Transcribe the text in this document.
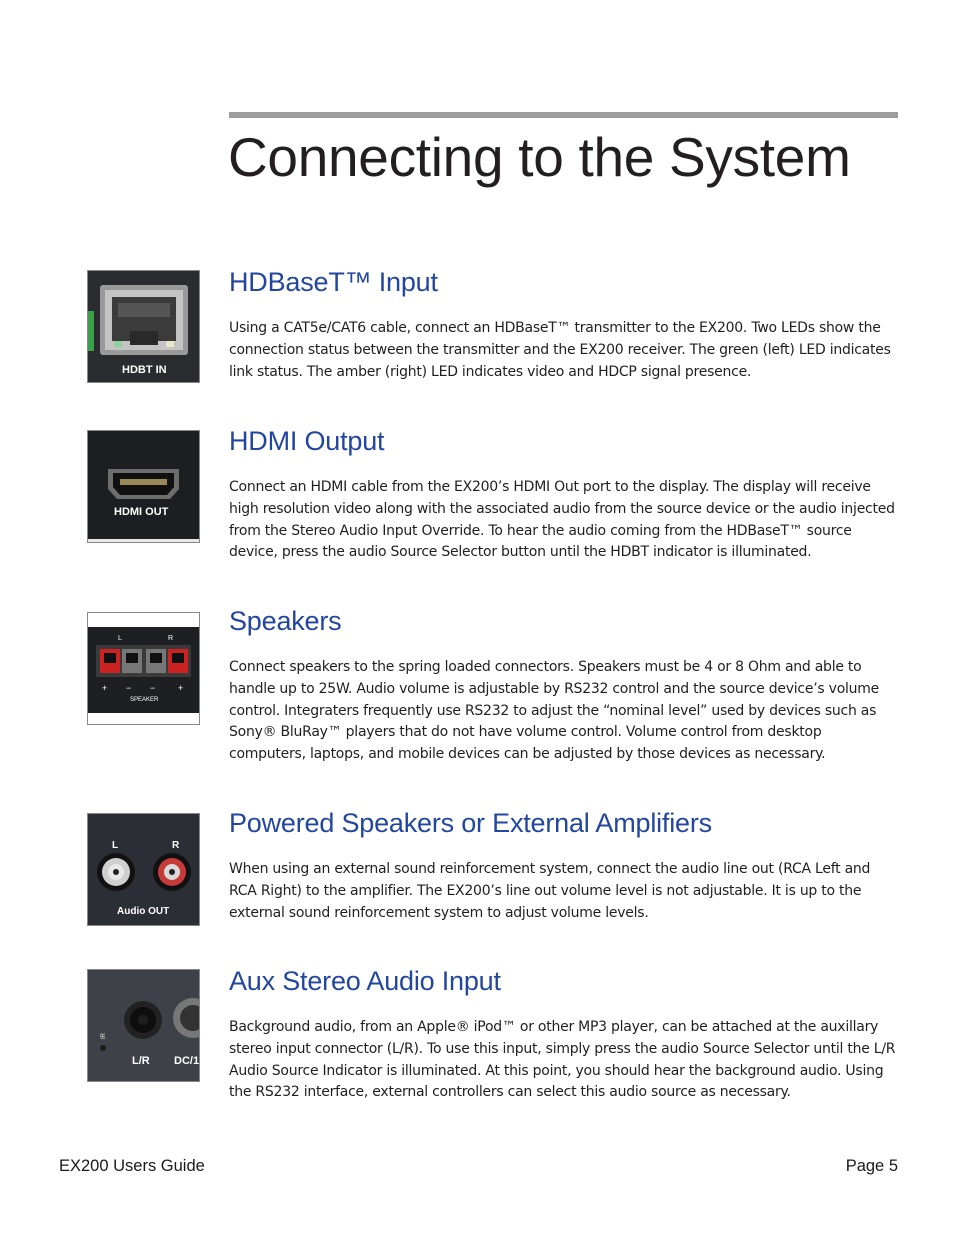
Connecting to the System
HDBT IN
HDBaseT™ Input

Using a CAT5e/CAT6 cable, connect an HDBaseT™ transmitter to the EX200. Two LEDs show the connection status between the transmitter and the EX200 receiver. The green (left) LED indicates link status. The amber (right) LED indicates video and HDCP signal presence.

HDMI OUT
HDMI Output

Connect an HDMI cable from the EX200’s HDMI Out port to the display. The display will receive high resolution video along with the associated audio from the source device or the audio injected from the Stereo Audio Input Override. To hear the audio coming from the HDBaseT™ source device, press the audio Source Selector button until the HDBT indicator is illuminated.

L	R
+ − −	+
SPEAKER
Speakers

Connect speakers to the spring loaded connectors. Speakers must be 4 or 8 Ohm and able to handle up to 25W. Audio volume is adjustable by RS232 control and the source device’s volume control. Integraters frequently use RS232 to adjust the “nominal level” used by devices such as Sony® BluRay™ players that do not have volume control. Volume control from desktop computers, laptops, and mobile devices can be adjusted by those devices as necessary.

L	R
Audio OUT
Powered Speakers or External Amplifiers

When using an external sound reinforcement system, connect the audio line out (RCA Left and RCA Right) to the amplifier. The EX200’s line out volume level is not adjustable. It is up to the external sound reinforcement system to adjust volume levels.

IR
L/R DC/1
Aux Stereo Audio Input

Background audio, from an Apple® iPod™ or other MP3 player, can be attached at the auxillary stereo input connector (L/R). To use this input, simply press the audio Source Selector until the L/R Audio Source Indicator is illuminated. At this point, you should hear the background audio. Using the RS232 interface, external controllers can select this audio source as necessary.

EX200 Users Guide	Page 5
